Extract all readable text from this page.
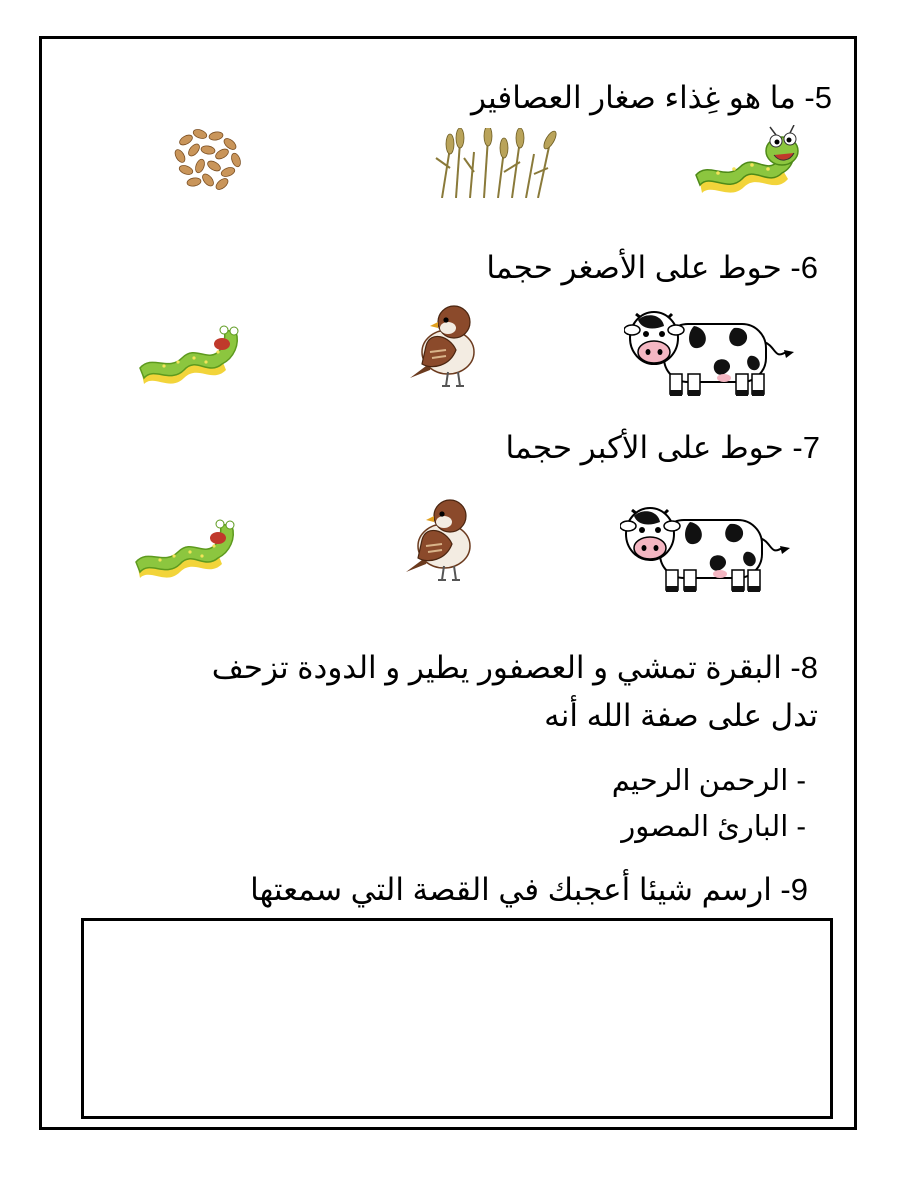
5- ما هو غِذاء صغار العصافير
6- حوط على الأصغر حجما
7- حوط على الأكبر حجما
8- البقرة تمشي و العصفور يطير و الدودة تزحف
تدل على صفة الله أنه
- الرحمن الرحيم
- البارئ المصور
9- ارسم شيئا أعجبك في القصة التي سمعتها
